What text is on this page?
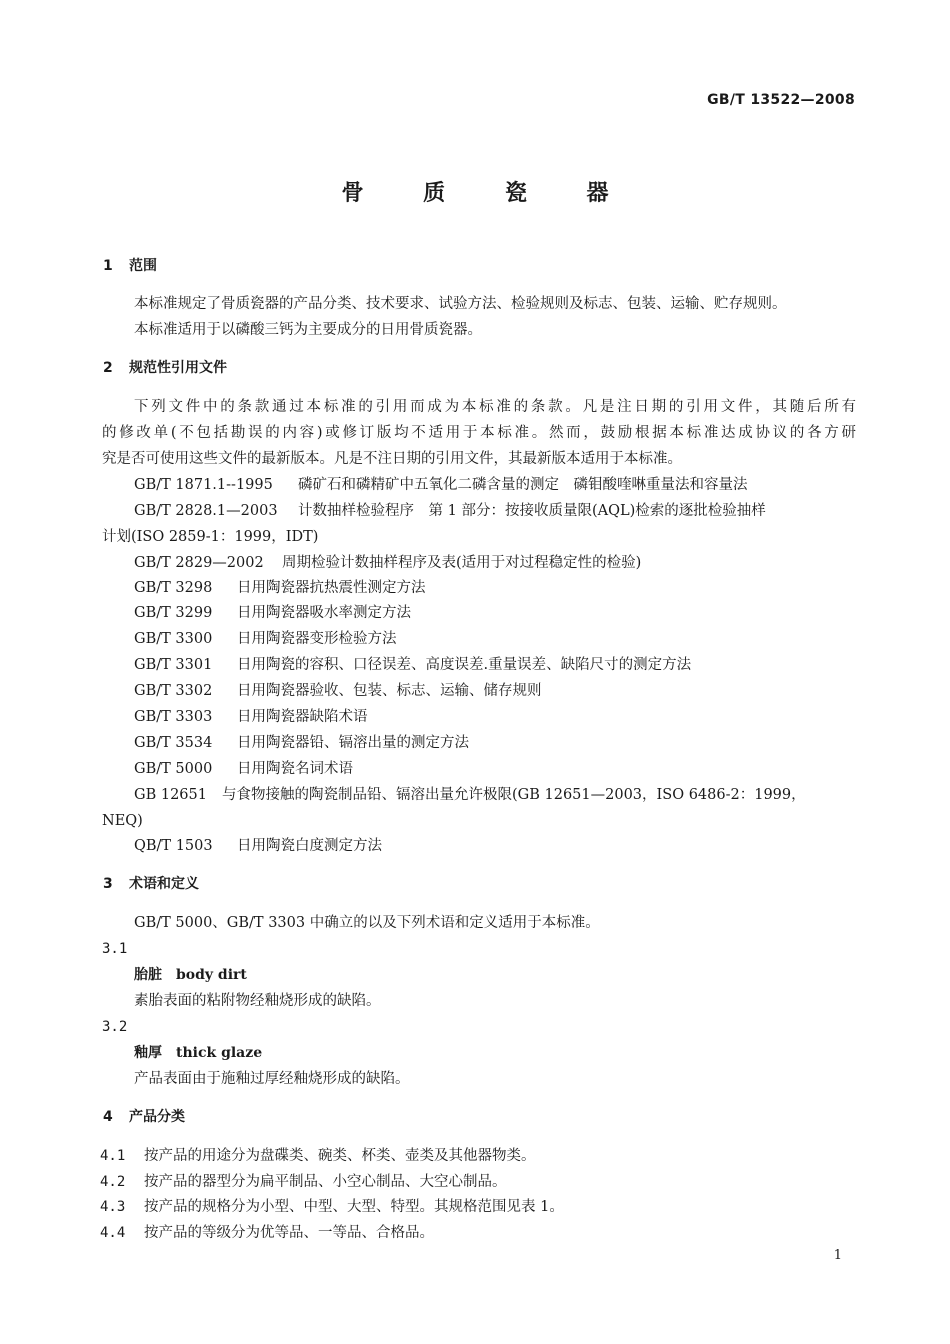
GB/T 13522—2008
骨 质 瓷 器
1 范围
本标准规定了骨质瓷器的产品分类、技术要求、试验方法、检验规则及标志、包装、运输、贮存规则。
本标准适用于以磷酸三钙为主要成分的日用骨质瓷器。
2 规范性引用文件
下列文件中的条款通过本标准的引用而成为本标准的条款。凡是注日期的引用文件，其随后所有
的修改单(不包括勘误的内容)或修订版均不适用于本标准。然而，鼓励根据本标准达成协议的各方研
究是否可使用这些文件的最新版本。凡是不注日期的引用文件，其最新版本适用于本标准。
GB/T 1871.1--1995 磷矿石和磷精矿中五氧化二磷含量的测定　磷钼酸喹啉重量法和容量法
GB/T 2828.1—2003 计数抽样检验程序　第 1 部分：按接收质量限(AQL)检索的逐批检验抽样
计划(ISO 2859-1：1999，IDT)
GB/T 2829—2002 周期检验计数抽样程序及表(适用于对过程稳定性的检验)
GB/T 3298 日用陶瓷器抗热震性测定方法
GB/T 3299 日用陶瓷器吸水率测定方法
GB/T 3300 日用陶瓷器变形检验方法
GB/T 3301 日用陶瓷的容积、口径误差、高度误差.重量误差、缺陷尺寸的测定方法
GB/T 3302 日用陶瓷器验收、包装、标志、运输、储存规则
GB/T 3303 日用陶瓷器缺陷术语
GB/T 3534 日用陶瓷器铅、镉溶出量的测定方法
GB/T 5000 日用陶瓷名词术语
GB 12651 与食物接触的陶瓷制品铅、镉溶出量允许极限(GB 12651—2003，ISO 6486-2：1999，
NEQ)
QB/T 1503 日用陶瓷白度测定方法
3 术语和定义
GB/T 5000、GB/T 3303 中确立的以及下列术语和定义适用于本标准。
3.1
胎脏 body dirt
素胎表面的粘附物经釉烧形成的缺陷。
3.2
釉厚 thick glaze
产品表面由于施釉过厚经釉烧形成的缺陷。
4 产品分类
4.1 按产品的用途分为盘碟类、碗类、杯类、壶类及其他器物类。
4.2 按产品的器型分为扁平制品、小空心制品、大空心制品。
4.3 按产品的规格分为小型、中型、大型、特型。其规格范围见表 1。
4.4 按产品的等级分为优等品、一等品、合格品。
1
